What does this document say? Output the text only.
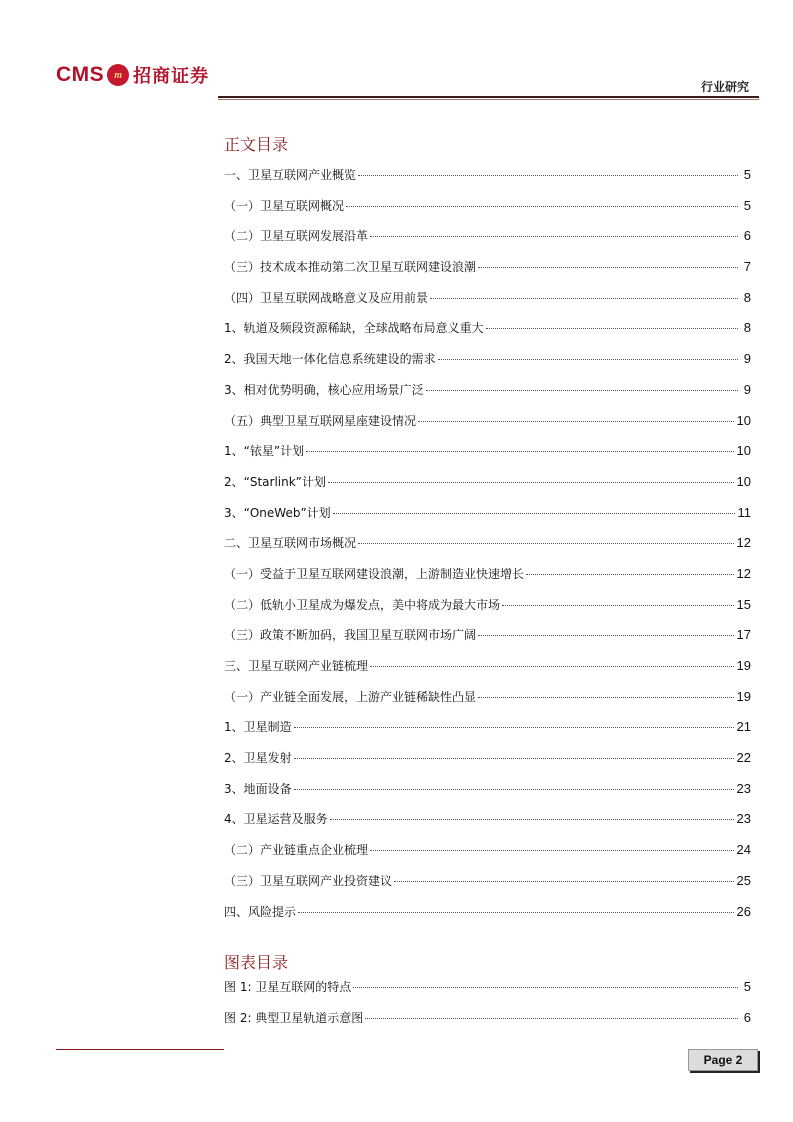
CMS	m 招商证券	行业研究
正文目录
一、卫星互联网产业概览	5
（一）卫星互联网概况	5
（二）卫星互联网发展沿革	6
（三）技术成本推动第二次卫星互联网建设浪潮	7
（四）卫星互联网战略意义及应用前景	8
1、轨道及频段资源稀缺，全球战略布局意义重大	8
2、我国天地一体化信息系统建设的需求	9
3、相对优势明确，核心应用场景广泛	9
（五）典型卫星互联网星座建设情况	10
1、“铱星”计划	10
2、“Starlink”计划	10
3、“OneWeb”计划	11
二、卫星互联网市场概况	12
（一）受益于卫星互联网建设浪潮，上游制造业快速增长	12
（二）低轨小卫星成为爆发点，美中将成为最大市场	15
（三）政策不断加码，我国卫星互联网市场广阔	17
三、卫星互联网产业链梳理	19
（一）产业链全面发展，上游产业链稀缺性凸显	19
1、卫星制造	21
2、卫星发射	22
3、地面设备	23
4、卫星运营及服务	23
（二）产业链重点企业梳理	24
（三）卫星互联网产业投资建议	25
四、风险提示	26
图表目录
图 1: 卫星互联网的特点	5
图 2: 典型卫星轨道示意图	6
Page 2
